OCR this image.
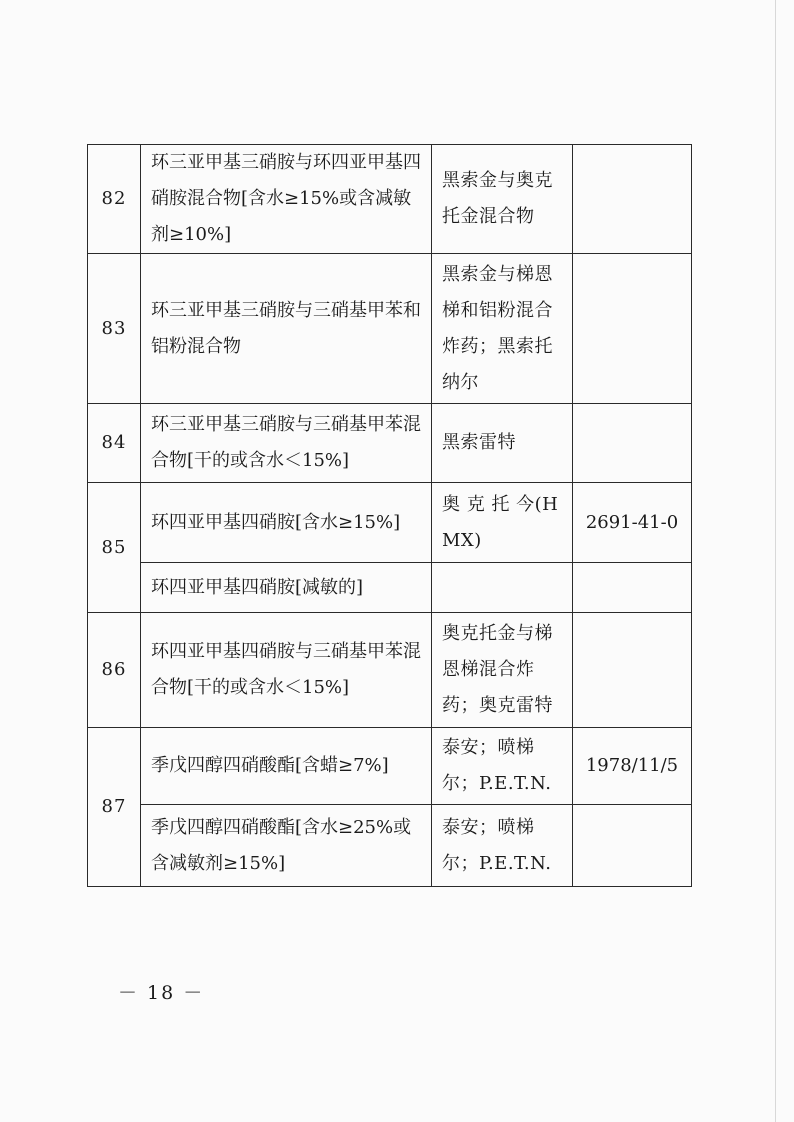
82	环三亚甲基三硝胺与环四亚甲基四硝胺混合物[含水≥15%或含减敏剂≥10%]	黑索金与奥克托金混合物	
83	环三亚甲基三硝胺与三硝基甲苯和铝粉混合物	黑索金与梯恩梯和铝粉混合炸药；黑索托纳尔	
84	环三亚甲基三硝胺与三硝基甲苯混合物[干的或含水＜15%]	黑索雷特	
85	环四亚甲基四硝胺[含水≥15%]	奥 克 托 今(HMX)	2691-41-0
	环四亚甲基四硝胺[减敏的]		
86	环四亚甲基四硝胺与三硝基甲苯混合物[干的或含水＜15%]	奥克托金与梯恩梯混合炸药；奥克雷特	
87	季戊四醇四硝酸酯[含蜡≥7%]	泰安；喷梯尔；P.E.T.N.	1978/11/5
	季戊四醇四硝酸酯[含水≥25%或含减敏剂≥15%]	泰安；喷梯尔；P.E.T.N.	
－ 18 －
